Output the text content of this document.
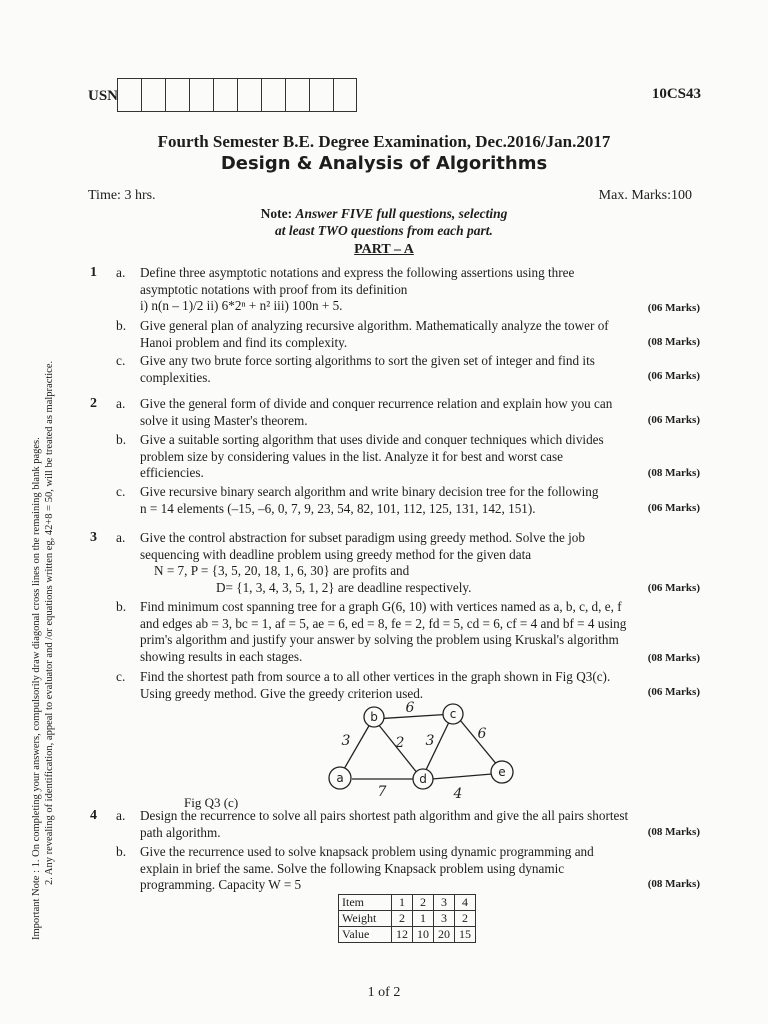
Important Note : 1. On completing your answers, compulsorily draw diagonal cross lines on the remaining blank pages. 2. Any revealing of identification, appeal to evaluator and /or equations written eg, 42+8 = 50, will be treated as malpractice.
USN	10CS43
Fourth Semester B.E. Degree Examination, Dec.2016/Jan.2017
Design & Analysis of Algorithms
Time: 3 hrs.	Max. Marks:100
Note: Answer FIVE full questions, selecting
at least TWO questions from each part.
PART – A
1 a. Define three asymptotic notations and express the following assertions using three
asymptotic notations with proof from its definition
i) n(n – 1)/2 ii) 6*2ⁿ + n² iii) 100n + 5.	(06 Marks)
b. Give general plan of analyzing recursive algorithm. Mathematically analyze the tower of
Hanoi problem and find its complexity.	(08 Marks)
c. Give any two brute force sorting algorithms to sort the given set of integer and find its
complexities.	(06 Marks)
2 a. Give the general form of divide and conquer recurrence relation and explain how you can
solve it using Master's theorem.	(06 Marks)
b. Give a suitable sorting algorithm that uses divide and conquer techniques which divides
problem size by considering values in the list. Analyze it for best and worst case
efficiencies.	(08 Marks)
c. Give recursive binary search algorithm and write binary decision tree for the following
n = 14 elements (–15, –6, 0, 7, 9, 23, 54, 82, 101, 112, 125, 131, 142, 151).	(06 Marks)
3 a. Give the control abstraction for subset paradigm using greedy method. Solve the job
sequencing with deadline problem using greedy method for the given data
N = 7, P = {3, 5, 20, 18, 1, 6, 30} are profits and
D= {1, 3, 4, 3, 5, 1, 2} are deadline respectively.	(06 Marks)
b. Find minimum cost spanning tree for a graph G(6, 10) with vertices named as a, b, c, d, e, f
and edges ab = 3, bc = 1, af = 5, ae = 6, ed = 8, fe = 2, fd = 5, cd = 6, cf = 4 and bf = 4 using
prim's algorithm and justify your answer by solving the problem using Kruskal's algorithm
showing results in each stages.	(08 Marks)
c. Find the shortest path from source a to all other vertices in the graph shown in Fig Q3(c).
Using greedy method. Give the greedy criterion used.	(06 Marks)
Fig Q3 (c)
b	c
a	d	e
6
3	2 3	6
7	4
4 a. Design the recurrence to solve all pairs shortest path algorithm and give the all pairs shortest
path algorithm.	(08 Marks)
b. Give the recurrence used to solve knapsack problem using dynamic programming and
explain in brief the same. Solve the following Knapsack problem using dynamic
programming. Capacity W = 5	(08 Marks)
Item	1	2	3	4
Weight	2	1	3	2
Value	12	10	20	15
1 of 2
